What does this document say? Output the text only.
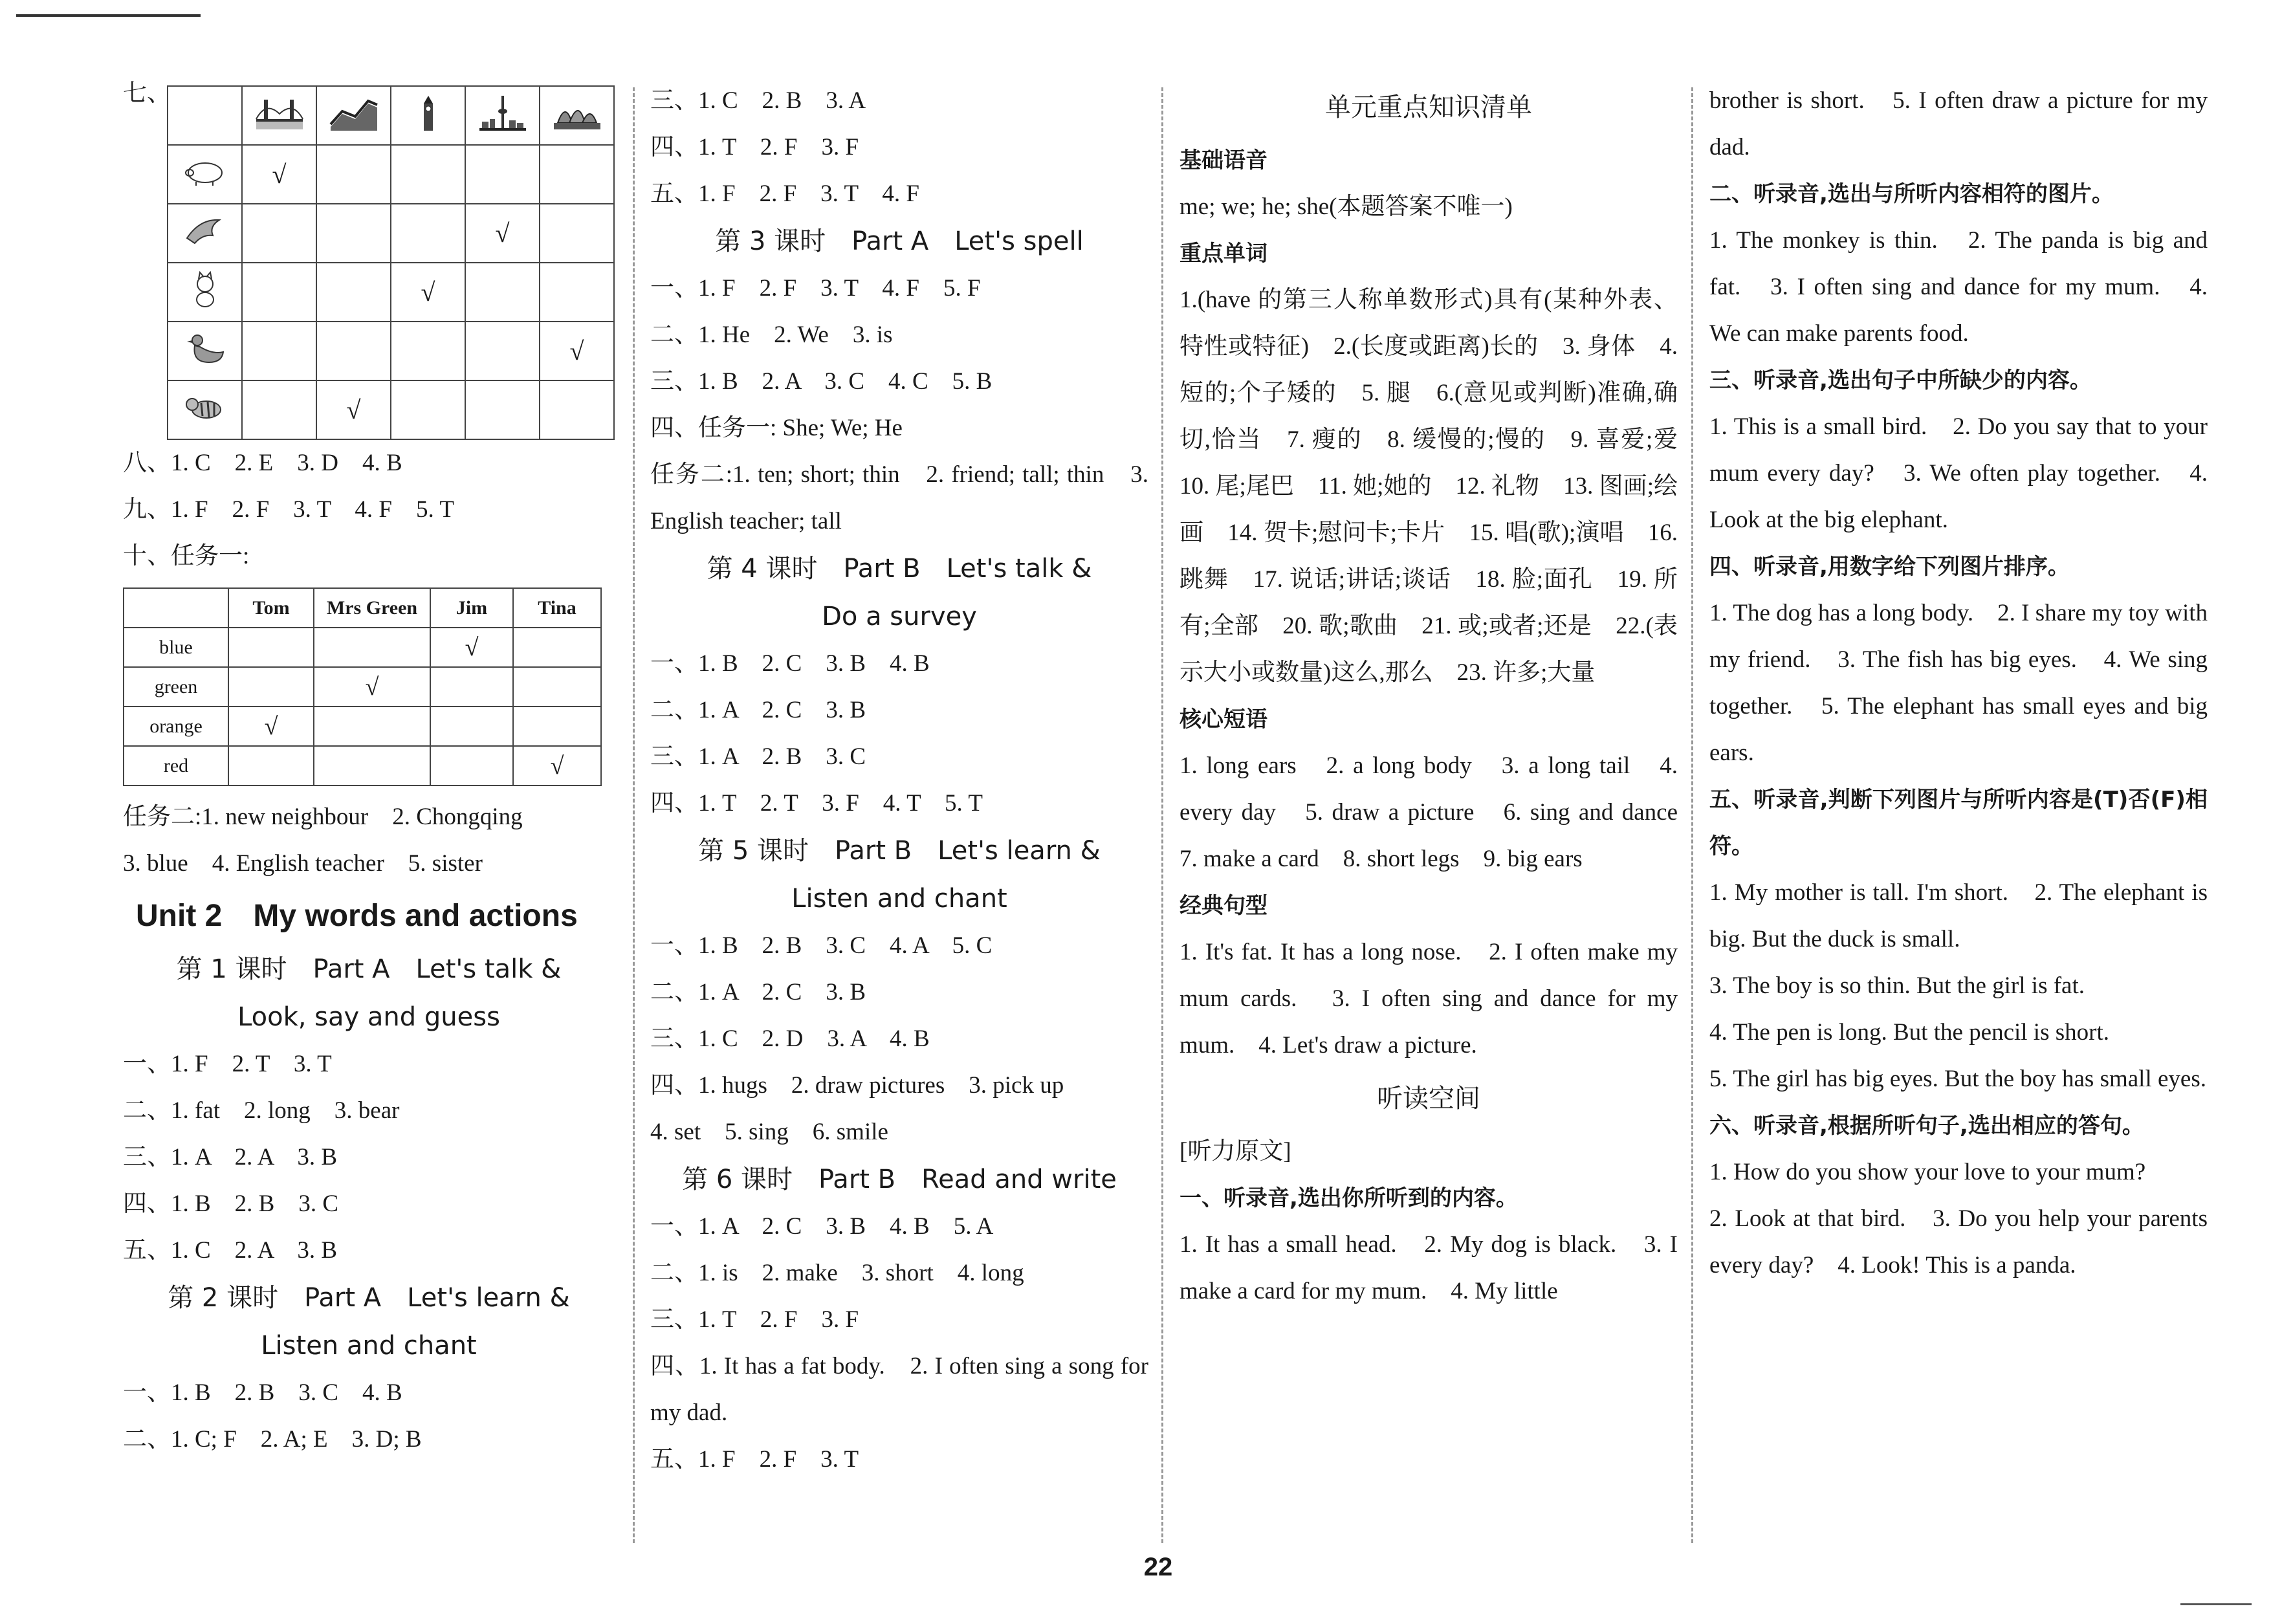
七、

	√				
				√	
			√		
					√
		√			
八、1. C　2. E　3. D　4. B
九、1. F　2. F　3. T　4. F　5. T
十、任务一:
	Tom	Mrs Green	Jim	Tina
blue			√	
green		√		
orange	√			
red				√
任务二:1. new neighbour　2. Chongqing
3. blue　4. English teacher　5. sister
Unit 2　My words and actions
第 1 课时　Part A　Let's talk &
Look, say and guess
一、1. F　2. T　3. T
二、1. fat　2. long　3. bear
三、1. A　2. A　3. B
四、1. B　2. B　3. C
五、1. C　2. A　3. B
第 2 课时　Part A　Let's learn &
Listen and chant
一、1. B　2. B　3. C　4. B
二、1. C; F　2. A; E　3. D; B
三、1. C　2. B　3. A
四、1. T　2. F　3. F
五、1. F　2. F　3. T　4. F
第 3 课时　Part A　Let's spell
一、1. F　2. F　3. T　4. F　5. F
二、1. He　2. We　3. is
三、1. B　2. A　3. C　4. C　5. B
四、任务一: She; We; He
任务二:1. ten; short; thin　2. friend; tall; thin　3. English teacher; tall
第 4 课时　Part B　Let's talk &
Do a survey
一、1. B　2. C　3. B　4. B
二、1. A　2. C　3. B
三、1. A　2. B　3. C
四、1. T　2. T　3. F　4. T　5. T
第 5 课时　Part B　Let's learn &
Listen and chant
一、1. B　2. B　3. C　4. A　5. C
二、1. A　2. C　3. B
三、1. C　2. D　3. A　4. B
四、1. hugs　2. draw pictures　3. pick up
4. set　5. sing　6. smile
第 6 课时　Part B　Read and write
一、1. A　2. C　3. B　4. B　5. A
二、1. is　2. make　3. short　4. long
三、1. T　2. F　3. F
四、1. It has a fat body.　2. I often sing a song for my dad.
五、1. F　2. F　3. T
单元重点知识清单
基础语音
me; we; he; she(本题答案不唯一)
重点单词
1.(have 的第三人称单数形式)具有(某种外表、特性或特征)　2.(长度或距离)长的　3. 身体　4. 短的;个子矮的　5. 腿　6.(意见或判断)准确,确切,恰当　7. 瘦的　8. 缓慢的;慢的　9. 喜爱;爱　10. 尾;尾巴　11. 她;她的　12. 礼物　13. 图画;绘画　14. 贺卡;慰问卡;卡片　15. 唱(歌);演唱　16. 跳舞　17. 说话;讲话;谈话　18. 脸;面孔　19. 所有;全部　20. 歌;歌曲　21. 或;或者;还是　22.(表示大小或数量)这么,那么　23. 许多;大量
核心短语
1. long ears　2. a long body　3. a long tail　4. every day　5. draw a picture　6. sing and dance　7. make a card　8. short legs　9. big ears
经典句型
1. It's fat. It has a long nose.　2. I often make my mum cards.　3. I often sing and dance for my mum.　4. Let's draw a picture.
听读空间
[听力原文]
一、听录音,选出你所听到的内容。
1. It has a small head.　2. My dog is black.　3. I make a card for my mum.　4. My little
brother is short.　5. I often draw a picture for my dad.
二、听录音,选出与所听内容相符的图片。
1. The monkey is thin.　2. The panda is big and fat.　3. I often sing and dance for my mum.　4. We can make parents food.
三、听录音,选出句子中所缺少的内容。
1. This is a small bird.　2. Do you say that to your mum every day?　3. We often play together.　4. Look at the big elephant.
四、听录音,用数字给下列图片排序。
1. The dog has a long body.　2. I share my toy with my friend.　3. The fish has big eyes.　4. We sing together.　5. The elephant has small eyes and big ears.
五、听录音,判断下列图片与所听内容是(T)否(F)相符。
1. My mother is tall. I'm short.　2. The elephant is big. But the duck is small.
3. The boy is so thin. But the girl is fat.
4. The pen is long. But the pencil is short.
5. The girl has big eyes. But the boy has small eyes.
六、听录音,根据所听句子,选出相应的答句。
1. How do you show your love to your mum?
2. Look at that bird.　3. Do you help your parents every day?　4. Look! This is a panda.
22
